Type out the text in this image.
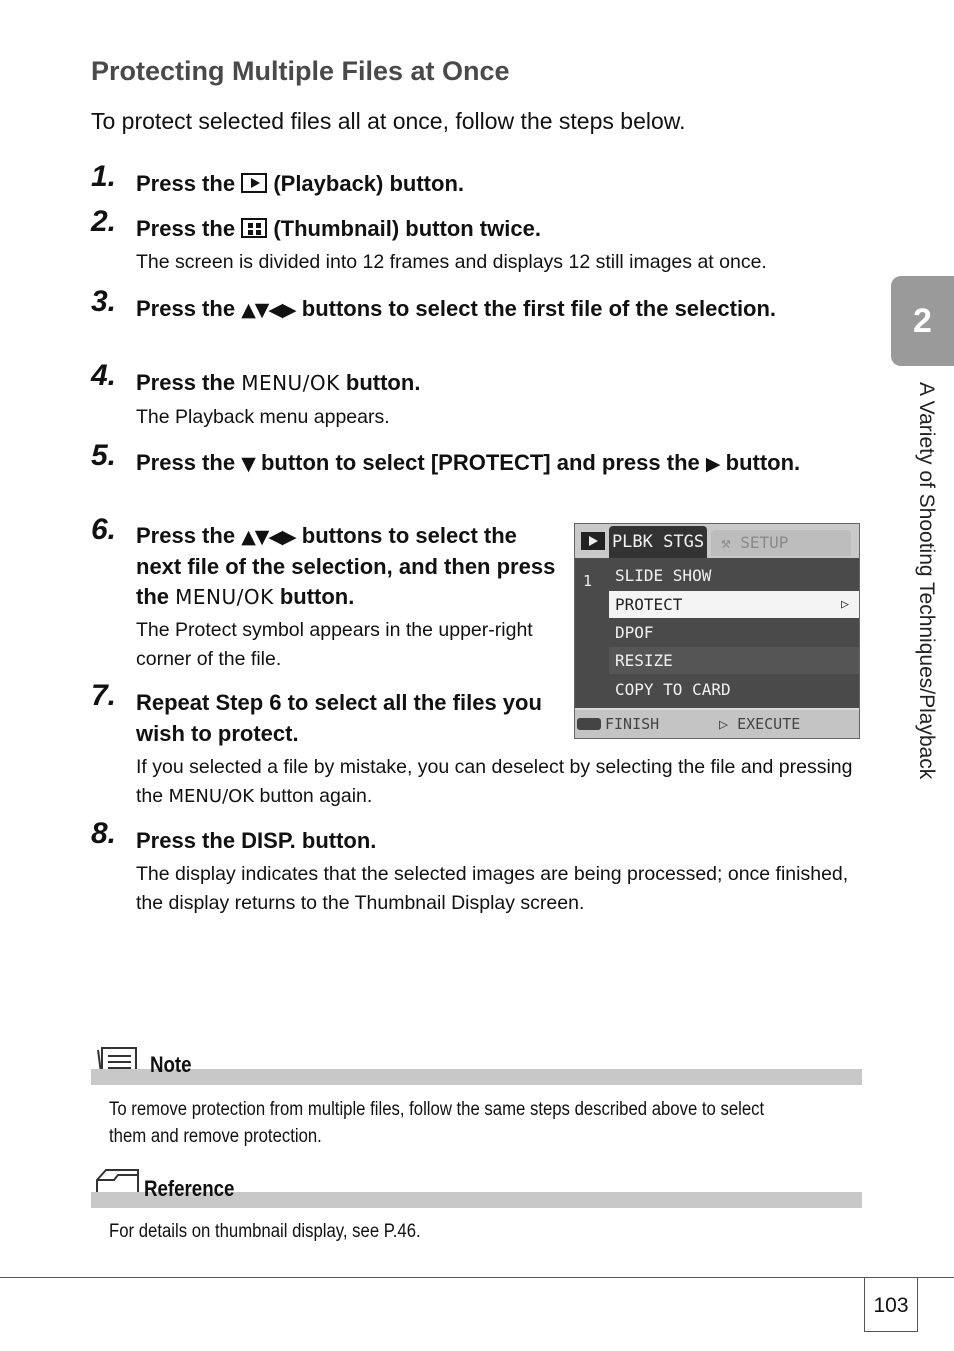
Protecting Multiple Files at Once

To protect selected files all at once, follow the steps below.

1. Press the (Playback) button.
2. Press the (Thumbnail) button twice.
The screen is divided into 12 frames and displays 12 still images at once.
3. Press the ▲▼◀▶ buttons to select the first file of the selection.
4. Press the MENU/OK button.
The Playback menu appears.
5. Press the ▼ button to select [PROTECT] and press the ▶ button.
6. Press the ▲▼◀▶ buttons to select the next file of the selection, and then press the MENU/OK button.
The Protect symbol appears in the upper-right corner of the file.
7. Repeat Step 6 to select all the files you wish to protect.
If you selected a file by mistake, you can deselect by selecting the file and pressing the MENU/OK button again.
8. Press the DISP. button.
The display indicates that the selected images are being processed; once finished, the display returns to the Thumbnail Display screen.
PLBK STGS	⚒ SETUP
1	SLIDE SHOW
PROTECT	▷
DPOF
RESIZE
COPY TO CARD
FINISH	▷ EXECUTE
2
A Variety of Shooting Techniques/Playback
Note
To remove protection from multiple files, follow the same steps described above to select them and remove protection.
Reference
For details on thumbnail display, see P.46.
103
